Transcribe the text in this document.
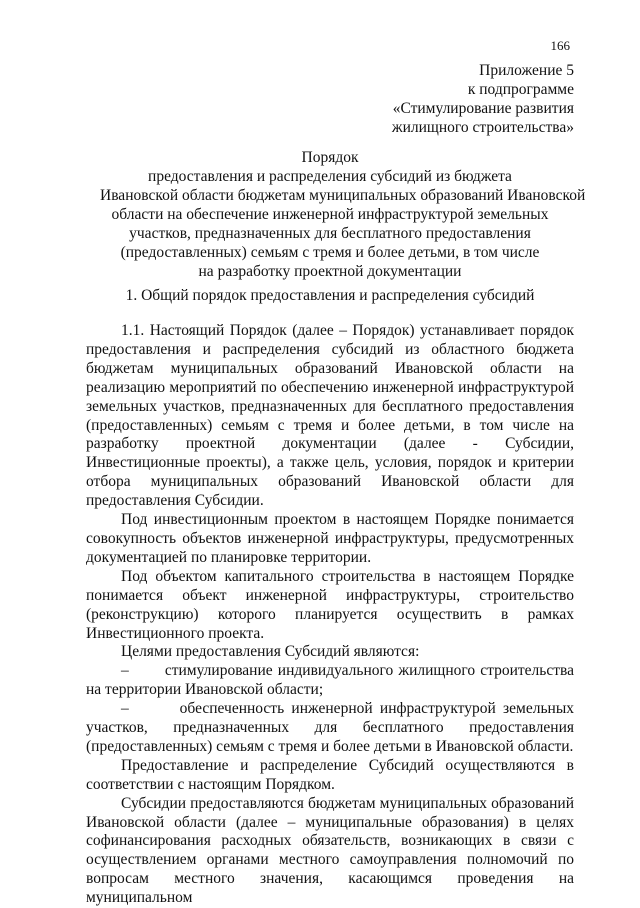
166
Приложение 5
к подпрограмме
«Стимулирование развития
жилищного строительства»
Порядок
предоставления и распределения субсидий из бюджета
Ивановской области бюджетам муниципальных образований Ивановской
области на обеспечение инженерной инфраструктурой земельных
участков, предназначенных для бесплатного предоставления
(предоставленных) семьям с тремя и более детьми, в том числе
на разработку проектной документации
1. Общий порядок предоставления и распределения субсидий

1.1. Настоящий Порядок (далее – Порядок) устанавливает порядок предоставления и распределения субсидий из областного бюджета бюджетам муниципальных образований Ивановской области на реализацию мероприятий по обеспечению инженерной инфраструктурой земельных участков, предназначенных для бесплатного предоставления (предоставленных) семьям с тремя и более детьми, в том числе на разработку проектной документации (далее - Субсидии, Инвестиционные проекты), а также цель, условия, порядок и критерии отбора муниципальных образований Ивановской области для предоставления Субсидии.

Под инвестиционным проектом в настоящем Порядке понимается совокупность объектов инженерной инфраструктуры, предусмотренных документацией по планировке территории.

Под объектом капитального строительства в настоящем Порядке понимается объект инженерной инфраструктуры, строительство (реконструкцию) которого планируется осуществить в рамках Инвестиционного проекта.

Целями предоставления Субсидий являются:

–       стимулирование индивидуального жилищного строительства на территории Ивановской области;

–       обеспеченность инженерной инфраструктурой земельных участков, предназначенных для бесплатного предоставления (предоставленных) семьям с тремя и более детьми в Ивановской области.

Предоставление и распределение Субсидий осуществляются в соответствии с настоящим Порядком.

Субсидии предоставляются бюджетам муниципальных образований Ивановской области (далее – муниципальные образования) в целях софинансирования расходных обязательств, возникающих в связи с осуществлением органами местного самоуправления полномочий по вопросам местного значения, касающимся проведения на муниципальном
